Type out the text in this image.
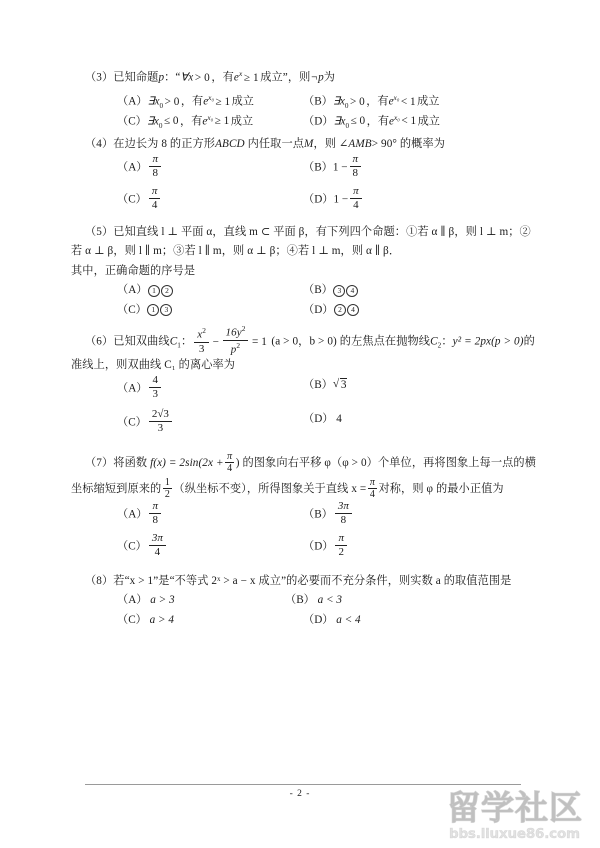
（3）已知命题p：“∀x > 0 ，有$e^x \ge 1$ 成立”，则¬p为
$(A)\exists x_0 > 0$ ，有$e^{x_0} \ge 1$ 成立	$(B)\exists x_0 > 0$ ，有$e^{x_0} < 1$ 成立
$(C)\exists x_0 \le 0$ ，有$e^{x_0} \ge 1$ 成立	$(D)\exists x_0 \le 0$ ，有$e^{x_0} < 1$ 成立
（4）在边长为 8 的正方形ABCD 内任取一点M，则 ∠AMB> 90° 的概率为
$(A) \frac{\pi}{8}$	$(B)1 - \frac{\pi}{8}$
$(C) \frac{\pi}{4}$	$(D)1 - \frac{\pi}{4}$
（5）已知直线 l ⊥ 平面 α，直线 m ⊂ 平面 β，有下列四个命题：①若 α ∥ β，则 l ⊥ m；②
若 α ⊥ β，则 l ∥ m；③若 l ∥ m，则 α ⊥ β；④若 l ⊥ m，则 α ∥ β．
其中，正确命题的序号是
（A） 1 2	（B） 3 4
（C） 1 3	（D） 2 4
（6）已知双曲线$C_1$： $\frac{x^2}{3} - \frac{16y^2}{p^2} = 1$ (a > 0，b > 0) 的左焦点在抛物线$C_2$：y² = 2px(p > 0)的
准线上，则双曲线 C₁ 的离心率为
$(A) \frac{4}{3}$	（B） √ 3
$(C) \frac{2√3}{3}$	（D） 4
（7）将函数 $f(x) = 2\sin(2x + \frac{\pi}{4}$ ) 的图象向右平移 φ（φ > 0）个单位，再将图象上每一点的横
坐标缩短到原来的 $\frac{1}{2}$ （纵坐标不变），所得图象关于直线 $x = \frac{\pi}{4}$ 对称，则 φ 的最小正值为
$(A) \frac{\pi}{8}$	$(B) \frac{3\pi}{8}$
$(C) \frac{3\pi}{4}$	$(D) \frac{\pi}{2}$
（8）若“x > 1”是“不等式 2ˣ > a − x 成立”的必要而不充分条件，则实数 a 的取值范围是
（A） a > 3	（B） a < 3
（C） a > 4	（D） a < 4
- 2 -	留学社区
bbs.liuxue86.com
